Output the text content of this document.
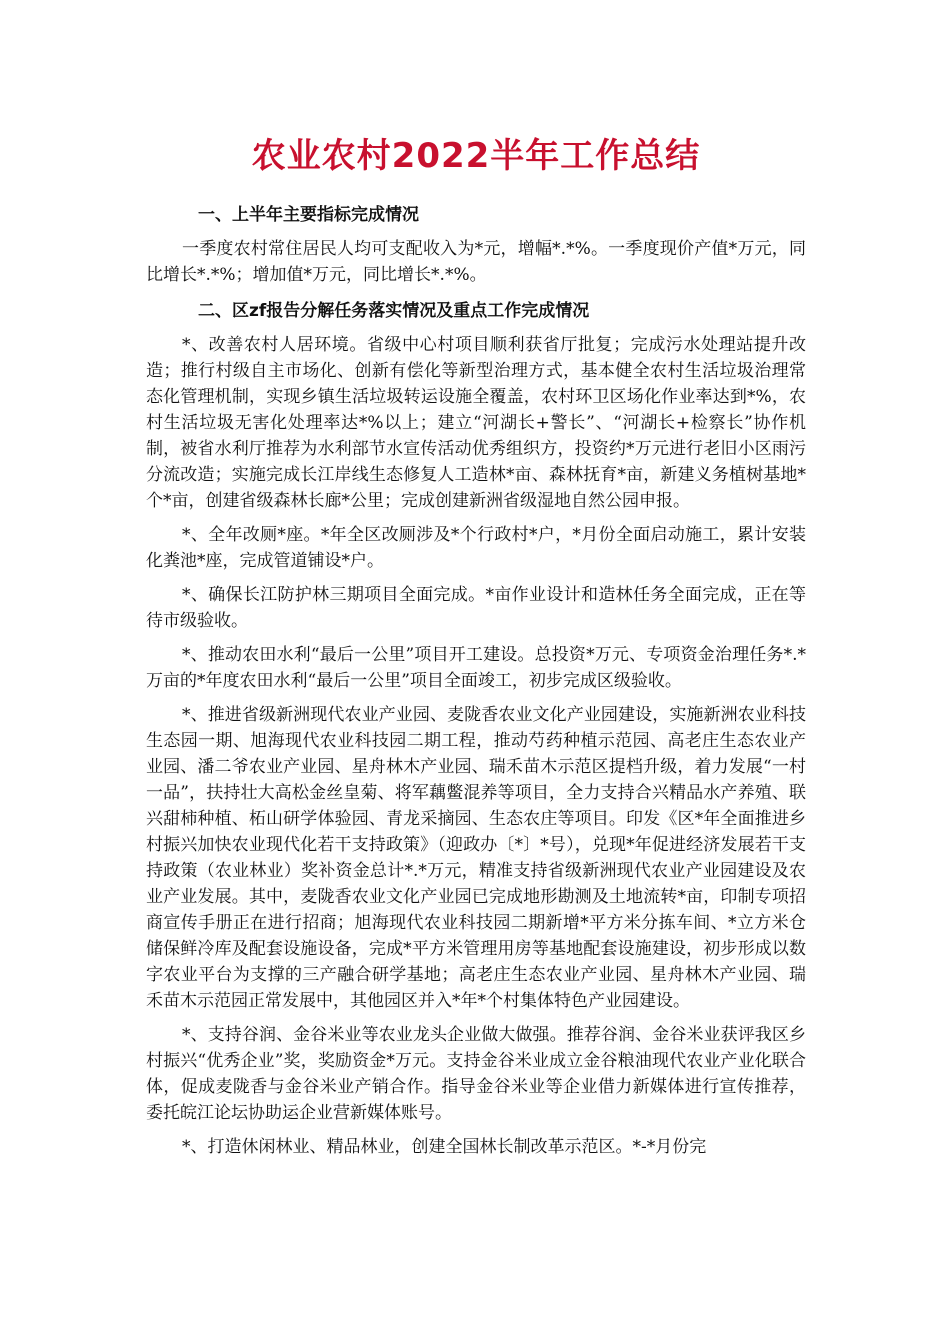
农业农村2022半年工作总结
一、上半年主要指标完成情况

一季度农村常住居民人均可支配收入为*元，增幅*.*%。一季度现价产值*万元，同比增长*.*%；增加值*万元，同比增长*.*%。

二、区zf报告分解任务落实情况及重点工作完成情况

*、改善农村人居环境。省级中心村项目顺利获省厅批复；完成污水处理站提升改造；推行村级自主市场化、创新有偿化等新型治理方式，基本健全农村生活垃圾治理常态化管理机制，实现乡镇生活垃圾转运设施全覆盖，农村环卫区场化作业率达到*%，农村生活垃圾无害化处理率达*%以上；建立“河湖长+警长”、“河湖长+检察长”协作机制，被省水利厅推荐为水利部节水宣传活动优秀组织方，投资约*万元进行老旧小区雨污分流改造；实施完成长江岸线生态修复人工造林*亩、森林抚育*亩，新建义务植树基地*个*亩，创建省级森林长廊*公里；完成创建新洲省级湿地自然公园申报。

*、全年改厕*座。*年全区改厕涉及*个行政村*户，*月份全面启动施工，累计安装化粪池*座，完成管道铺设*户。

*、确保长江防护林三期项目全面完成。*亩作业设计和造林任务全面完成，正在等待市级验收。

*、推动农田水利“最后一公里”项目开工建设。总投资*万元、专项资金治理任务*.*万亩的*年度农田水利“最后一公里”项目全面竣工，初步完成区级验收。

*、推进省级新洲现代农业产业园、麦陇香农业文化产业园建设，实施新洲农业科技生态园一期、旭海现代农业科技园二期工程，推动芍药种植示范园、高老庄生态农业产业园、潘二爷农业产业园、星舟林木产业园、瑞禾苗木示范区提档升级，着力发展“一村一品”，扶持壮大高松金丝皇菊、将军藕鳖混养等项目，全力支持合兴精品水产养殖、联兴甜柿种植、柘山研学体验园、青龙采摘园、生态农庄等项目。印发《区*年全面推进乡村振兴加快农业现代化若干支持政策》（迎政办〔*〕*号），兑现*年促进经济发展若干支持政策（农业林业）奖补资金总计*.*万元，精准支持省级新洲现代农业产业园建设及农业产业发展。其中，麦陇香农业文化产业园已完成地形勘测及土地流转*亩，印制专项招商宣传手册正在进行招商；旭海现代农业科技园二期新增*平方米分拣车间、*立方米仓储保鲜冷库及配套设施设备，完成*平方米管理用房等基地配套设施建设，初步形成以数字农业平台为支撑的三产融合研学基地；高老庄生态农业产业园、星舟林木产业园、瑞禾苗木示范园正常发展中，其他园区并入*年*个村集体特色产业园建设。

*、支持谷润、金谷米业等农业龙头企业做大做强。推荐谷润、金谷米业获评我区乡村振兴“优秀企业”奖，奖励资金*万元。支持金谷米业成立金谷粮油现代农业产业化联合体，促成麦陇香与金谷米业产销合作。指导金谷米业等企业借力新媒体进行宣传推荐，委托皖江论坛协助运企业营新媒体账号。

*、打造休闲林业、精品林业，创建全国林长制改革示范区。*-*月份完
